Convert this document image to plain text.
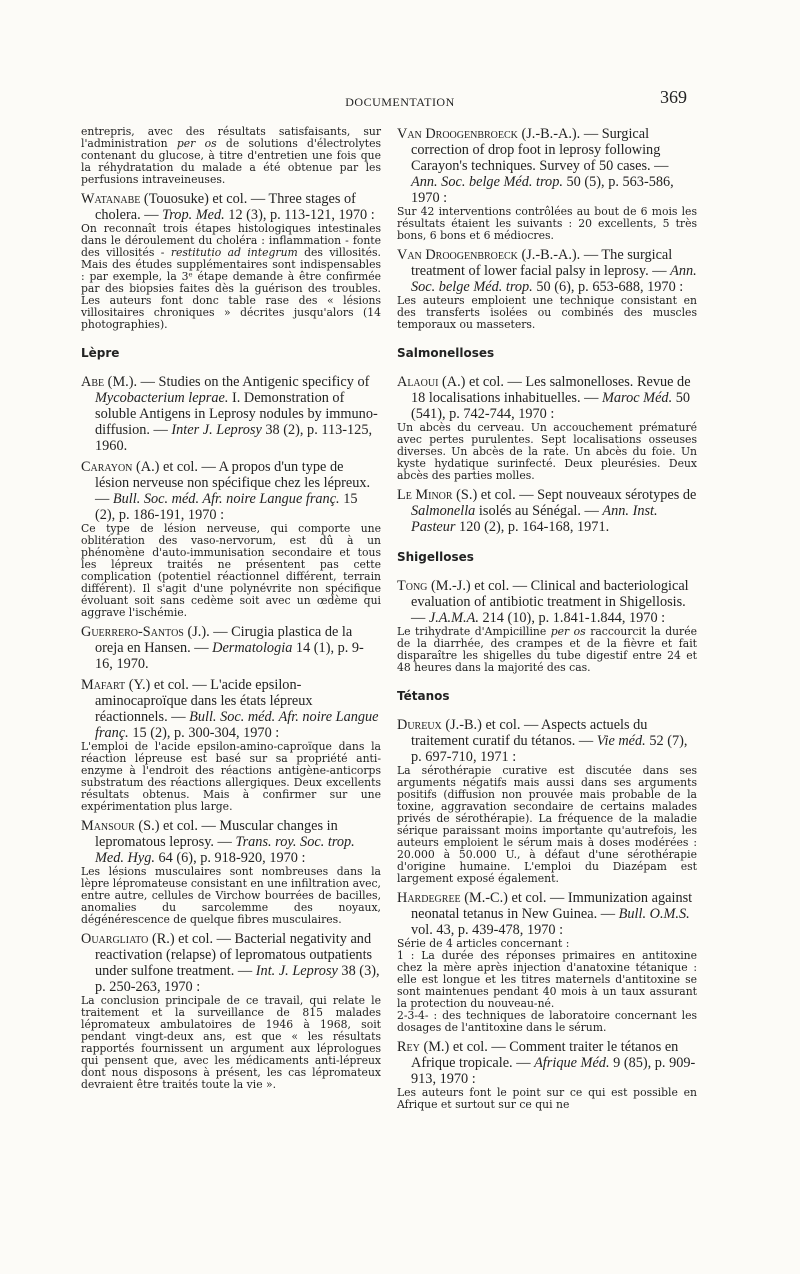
DOCUMENTATION	369
entrepris, avec des résultats satisfaisants, sur l'administration per os de solutions d'électrolytes contenant du glucose, à titre d'entretien une fois que la réhydratation du malade a été obtenue par les perfusions intraveineuses.
Watanabe (Touosuke) et col. — Three stages of cholera. — Trop. Med. 12 (3), p. 113-121, 1970 :
On reconnaît trois étapes histologiques intestinales dans le déroulement du choléra : inflammation - fonte des villosités - restitutio ad integrum des villosités. Mais des études supplémentaires sont indispensables : par exemple, la 3ᵉ étape demande à être confirmée par des biopsies faites dès la guérison des troubles. Les auteurs font donc table rase des « lésions villositaires chroniques » décrites jusqu'alors (14 photographies).
Lèpre
Abe (M.). — Studies on the Antigenic specificy of Mycobacterium leprae. I. Demonstration of soluble Antigens in Leprosy nodules by immuno-diffusion. — Inter J. Leprosy 38 (2), p. 113-125, 1960.
Carayon (A.) et col. — A propos d'un type de lésion nerveuse non spécifique chez les lépreux. — Bull. Soc. méd. Afr. noire Langue franç. 15 (2), p. 186-191, 1970 :
Ce type de lésion nerveuse, qui comporte une oblitération des vaso-nervorum, est dû à un phénomène d'auto-immunisation secondaire et tous les lépreux traités ne présentent pas cette complication (potentiel réactionnel différent, terrain différent). Il s'agit d'une polynévrite non spécifique évoluant soit sans cedème soit avec un œdème qui aggrave l'ischémie.
Guerrero-Santos (J.). — Cirugia plastica de la oreja en Hansen. — Dermatologia 14 (1), p. 9-16, 1970.
Mafart (Y.) et col. — L'acide epsilon-aminocaproïque dans les états lépreux réactionnels. — Bull. Soc. méd. Afr. noire Langue franç. 15 (2), p. 300-304, 1970 :
L'emploi de l'acide epsilon-amino-caproïque dans la réaction lépreuse est basé sur sa propriété anti-enzyme à l'endroit des réactions antigène-anticorps substratum des réactions allergiques. Deux excellents résultats obtenus. Mais à confirmer sur une expérimentation plus large.
Mansour (S.) et col. — Muscular changes in lepromatous leprosy. — Trans. roy. Soc. trop. Med. Hyg. 64 (6), p. 918-920, 1970 :
Les lésions musculaires sont nombreuses dans la lèpre lépromateuse consistant en une infiltration avec, entre autre, cellules de Virchow bourrées de bacilles, anomalies du sarcolemme des noyaux, dégénérescence de quelque fibres musculaires.
Ouargliato (R.) et col. — Bacterial negativity and reactivation (relapse) of lepromatous outpatients under sulfone treatment. — Int. J. Leprosy 38 (3), p. 250-263, 1970 :
La conclusion principale de ce travail, qui relate le traitement et la surveillance de 815 malades lépromateux ambulatoires de 1946 à 1968, soit pendant vingt-deux ans, est que « les résultats rapportés fournissent un argument aux léprologues qui pensent que, avec les médicaments anti-lépreux dont nous disposons à présent, les cas lépromateux devraient être traités toute la vie ».
Van Droogenbroeck (J.-B.-A.). — Surgical correction of drop foot in leprosy following Carayon's techniques. Survey of 50 cases. — Ann. Soc. belge Méd. trop. 50 (5), p. 563-586, 1970 :
Sur 42 interventions contrôlées au bout de 6 mois les résultats étaient les suivants : 20 excellents, 5 très bons, 6 bons et 6 médiocres.
Van Droogenbroeck (J.-B.-A.). — The surgical treatment of lower facial palsy in leprosy. — Ann. Soc. belge Méd. trop. 50 (6), p. 653-688, 1970 :
Les auteurs emploient une technique consistant en des transferts isolées ou combinés des muscles temporaux ou masseters.
Salmonelloses
Alaoui (A.) et col. — Les salmonelloses. Revue de 18 localisations inhabituelles. — Maroc Méd. 50 (541), p. 742-744, 1970 :
Un abcès du cerveau. Un accouchement prématuré avec pertes purulentes. Sept localisations osseuses diverses. Un abcès de la rate. Un abcès du foie. Un kyste hydatique surinfecté. Deux pleurésies. Deux abcès des parties molles.
Le Minor (S.) et col. — Sept nouveaux sérotypes de Salmonella isolés au Sénégal. — Ann. Inst. Pasteur 120 (2), p. 164-168, 1971.
Shigelloses
Tong (M.-J.) et col. — Clinical and bacteriological evaluation of antibiotic treatment in Shigellosis. — J.A.M.A. 214 (10), p. 1.841-1.844, 1970 :
Le trihydrate d'Ampicilline per os raccourcit la durée de la diarrhée, des crampes et de la fièvre et fait disparaître les shigelles du tube digestif entre 24 et 48 heures dans la majorité des cas.
Tétanos
Dureux (J.-B.) et col. — Aspects actuels du traitement curatif du tétanos. — Vie méd. 52 (7), p. 697-710, 1971 :
La sérothérapie curative est discutée dans ses arguments négatifs mais aussi dans ses arguments positifs (diffusion non prouvée mais probable de la toxine, aggravation secondaire de certains malades privés de sérothérapie). La fréquence de la maladie sérique paraissant moins importante qu'autrefois, les auteurs emploient le sérum mais à doses modérées : 20.000 à 50.000 U., à défaut d'une sérothérapie d'origine humaine. L'emploi du Diazépam est largement exposé également.
Hardegree (M.-C.) et col. — Immunization against neonatal tetanus in New Guinea. — Bull. O.M.S. vol. 43, p. 439-478, 1970 :
Série de 4 articles concernant :
1 : La durée des réponses primaires en antitoxine chez la mère après injection d'anatoxine tétanique : elle est longue et les titres maternels d'antitoxine se sont maintenues pendant 40 mois à un taux assurant la protection du nouveau-né.
2-3-4- : des techniques de laboratoire concernant les dosages de l'antitoxine dans le sérum.
Rey (M.) et col. — Comment traiter le tétanos en Afrique tropicale. — Afrique Méd. 9 (85), p. 909-913, 1970 :
Les auteurs font le point sur ce qui est possible en Afrique et surtout sur ce qui ne
